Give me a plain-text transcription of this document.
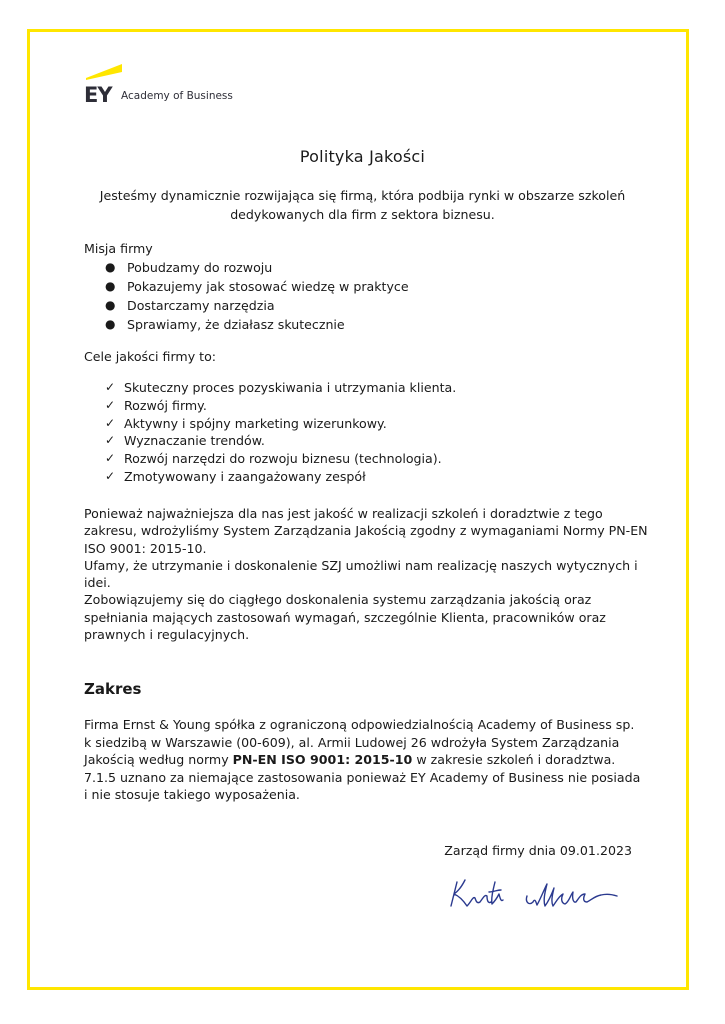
EY Academy of Business
Polityka Jakości
Jesteśmy dynamicznie rozwijająca się firmą, która podbija rynki w obszarze szkoleń dedykowanych dla firm z sektora biznesu.
Misja firmy
● Pobudzamy do rozwoju
● Pokazujemy jak stosować wiedzę w praktyce
● Dostarczamy narzędzia
● Sprawiamy, że działasz skutecznie
Cele jakości firmy to:
✓ Skuteczny proces pozyskiwania i utrzymania klienta.
✓ Rozwój firmy.
✓ Aktywny i spójny marketing wizerunkowy.
✓ Wyznaczanie trendów.
✓ Rozwój narzędzi do rozwoju biznesu (technologia).
✓ Zmotywowany i zaangażowany zespół

Ponieważ najważniejsza dla nas jest jakość w realizacji szkoleń i doradztwie z tego zakresu, wdrożyliśmy System Zarządzania Jakością zgodny z wymaganiami Normy PN-EN ISO 9001: 2015-10.

Ufamy, że utrzymanie i doskonalenie SZJ umożliwi nam realizację naszych wytycznych i idei.

Zobowiązujemy się do ciągłego doskonalenia systemu zarządzania jakością oraz spełniania mających zastosowań wymagań, szczególnie Klienta, pracowników oraz prawnych i regulacyjnych.

Zakres

Firma Ernst & Young spółka z ograniczoną odpowiedzialnością Academy of Business sp. k siedzibą w Warszawie (00-609), al. Armii Ludowej 26 wdrożyła System Zarządzania Jakością według normy PN-EN ISO 9001: 2015-10 w zakresie szkoleń i doradztwa. 7.1.5 uznano za niemające zastosowania ponieważ EY Academy of Business nie posiada i nie stosuje takiego wyposażenia.

Zarząd firmy dnia 09.01.2023
